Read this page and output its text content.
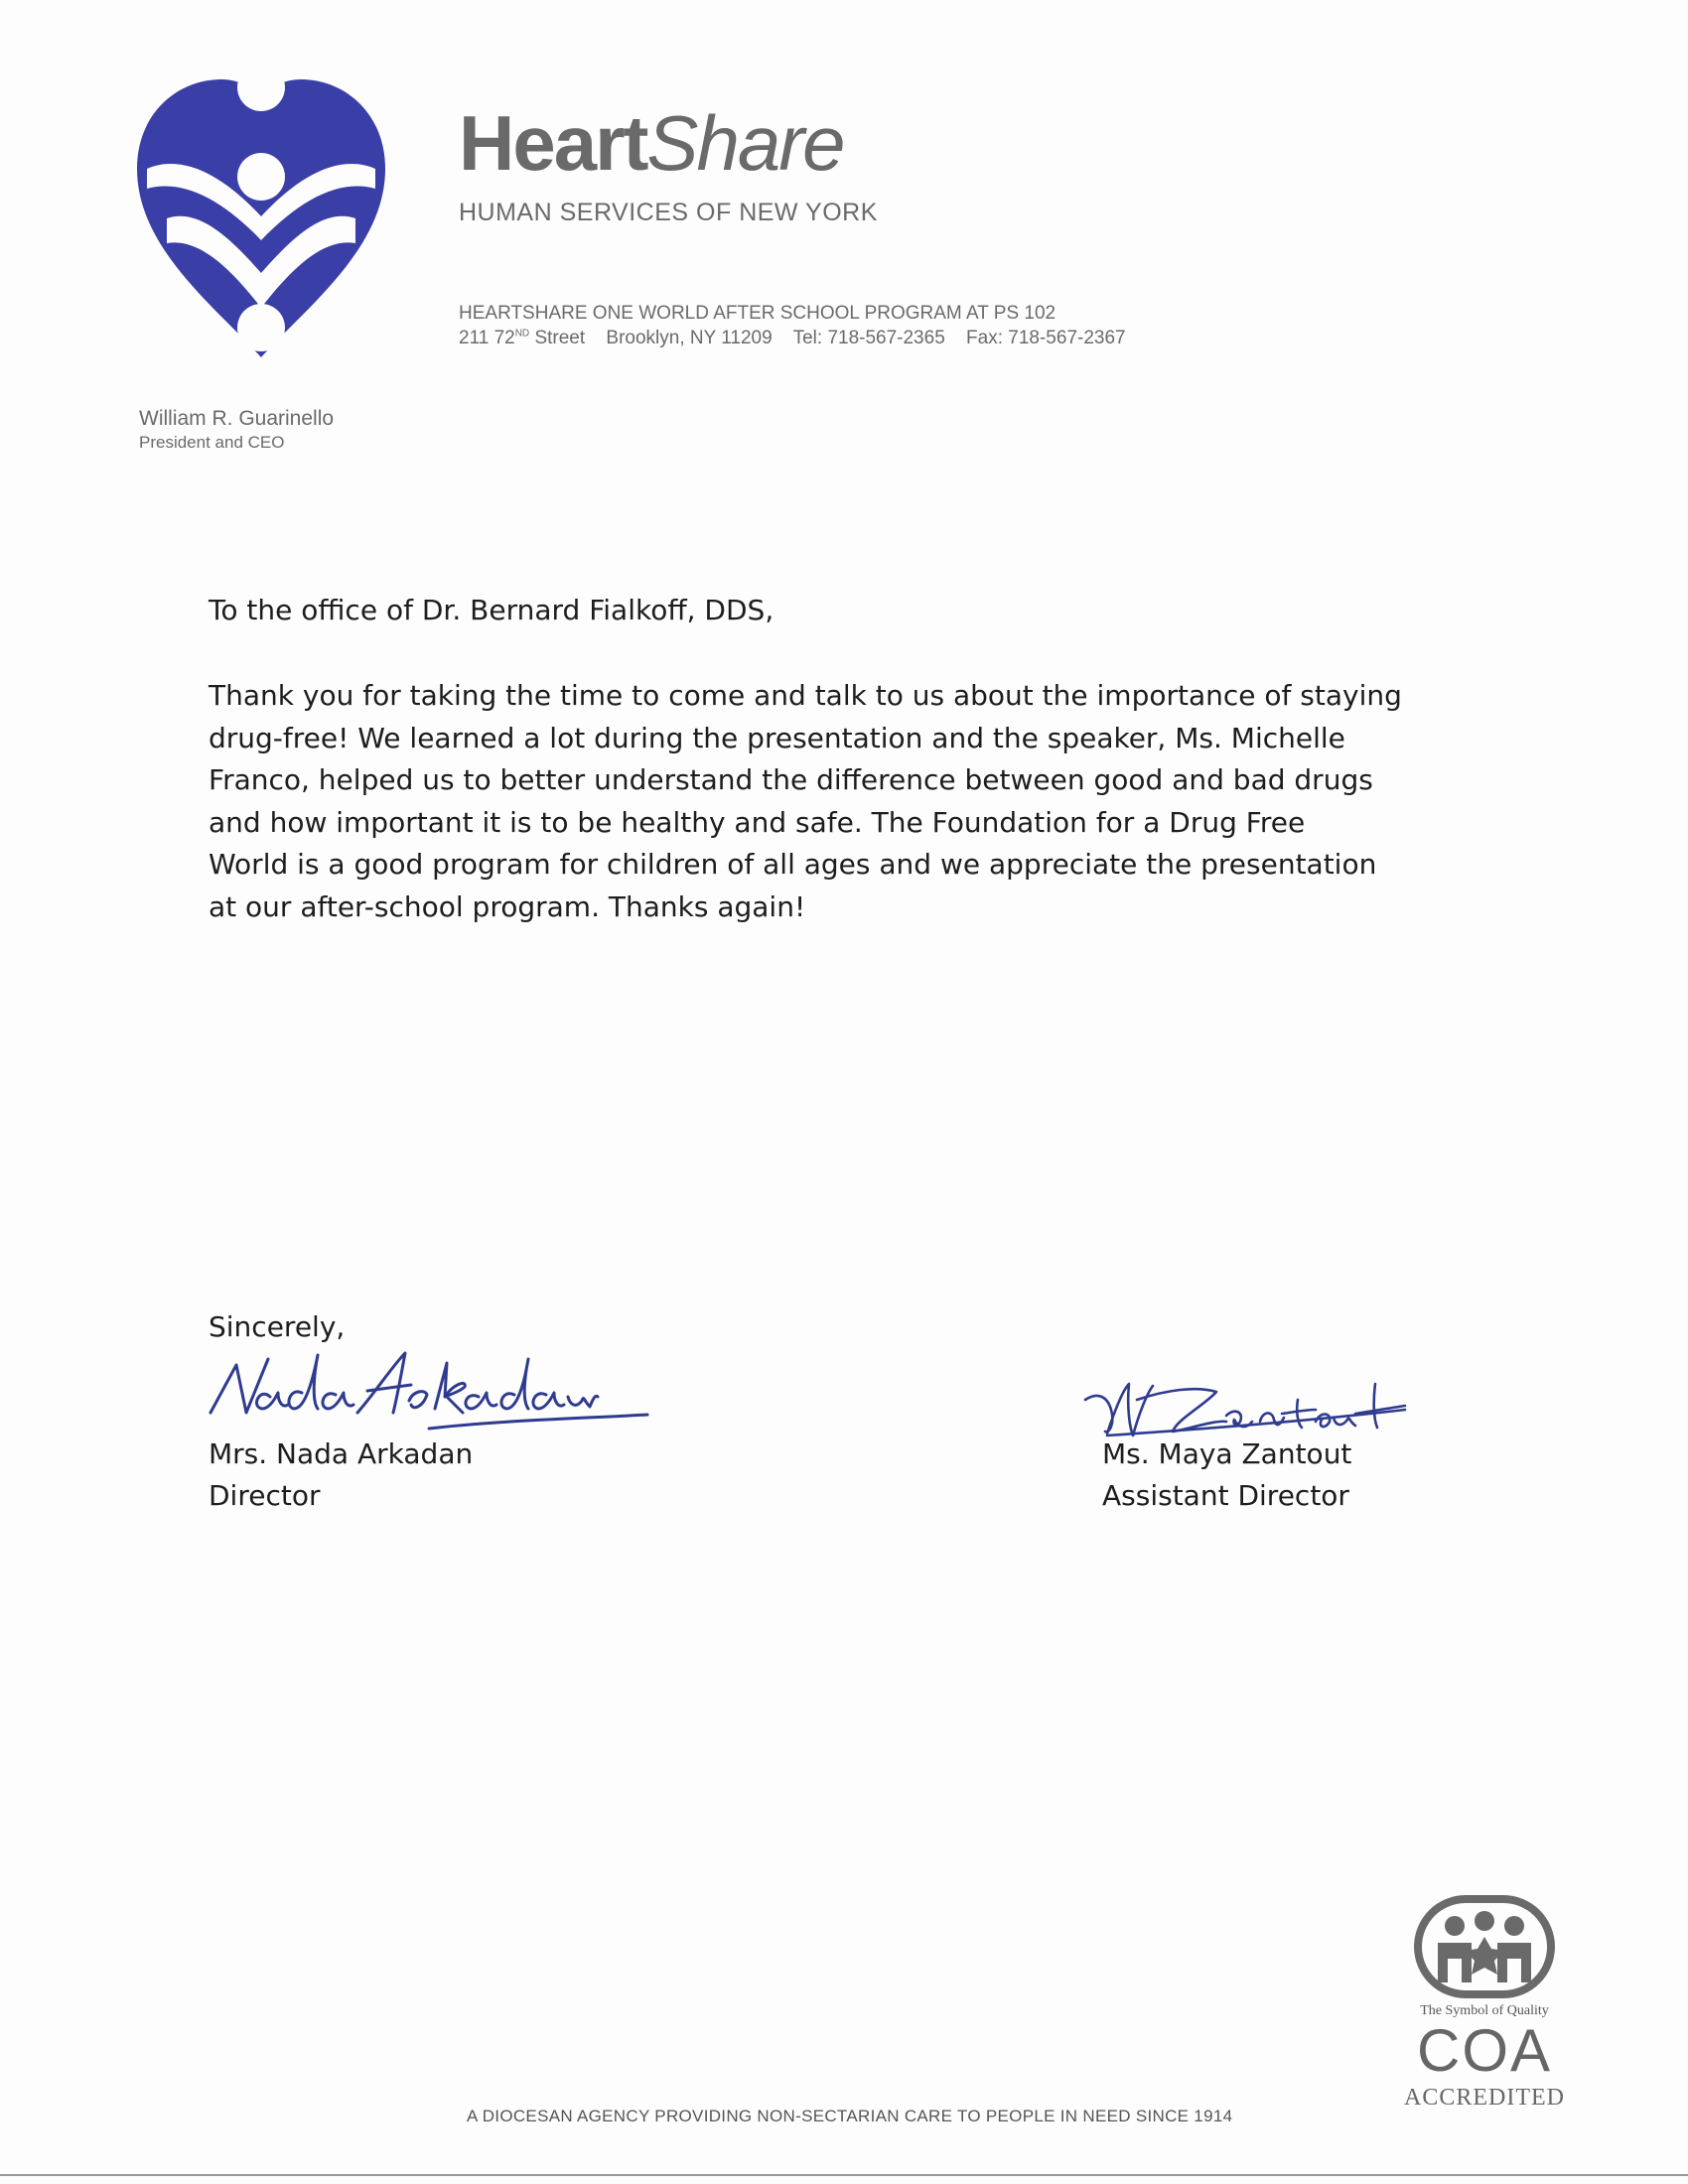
HeartShare
HUMAN SERVICES OF NEW YORK
HEARTSHARE ONE WORLD AFTER SCHOOL PROGRAM AT PS 102
211 72ND Street Brooklyn, NY 11209 Tel: 718-567-2365 Fax: 718-567-2367
William R. Guarinello
President and CEO
To the office of Dr. Bernard Fialkoff, DDS,
Thank you for taking the time to come and talk to us about the importance of staying
drug-free! We learned a lot during the presentation and the speaker, Ms. Michelle
Franco, helped us to better understand the difference between good and bad drugs
and how important it is to be healthy and safe. The Foundation for a Drug Free
World is a good program for children of all ages and we appreciate the presentation
at our after-school program. Thanks again!
Sincerely,
Mrs. Nada Arkadan
Director
Ms. Maya Zantout
Assistant Director
A DIOCESAN AGENCY PROVIDING NON-SECTARIAN CARE TO PEOPLE IN NEED SINCE 1914
The Symbol of Quality
COA
ACCREDITED
